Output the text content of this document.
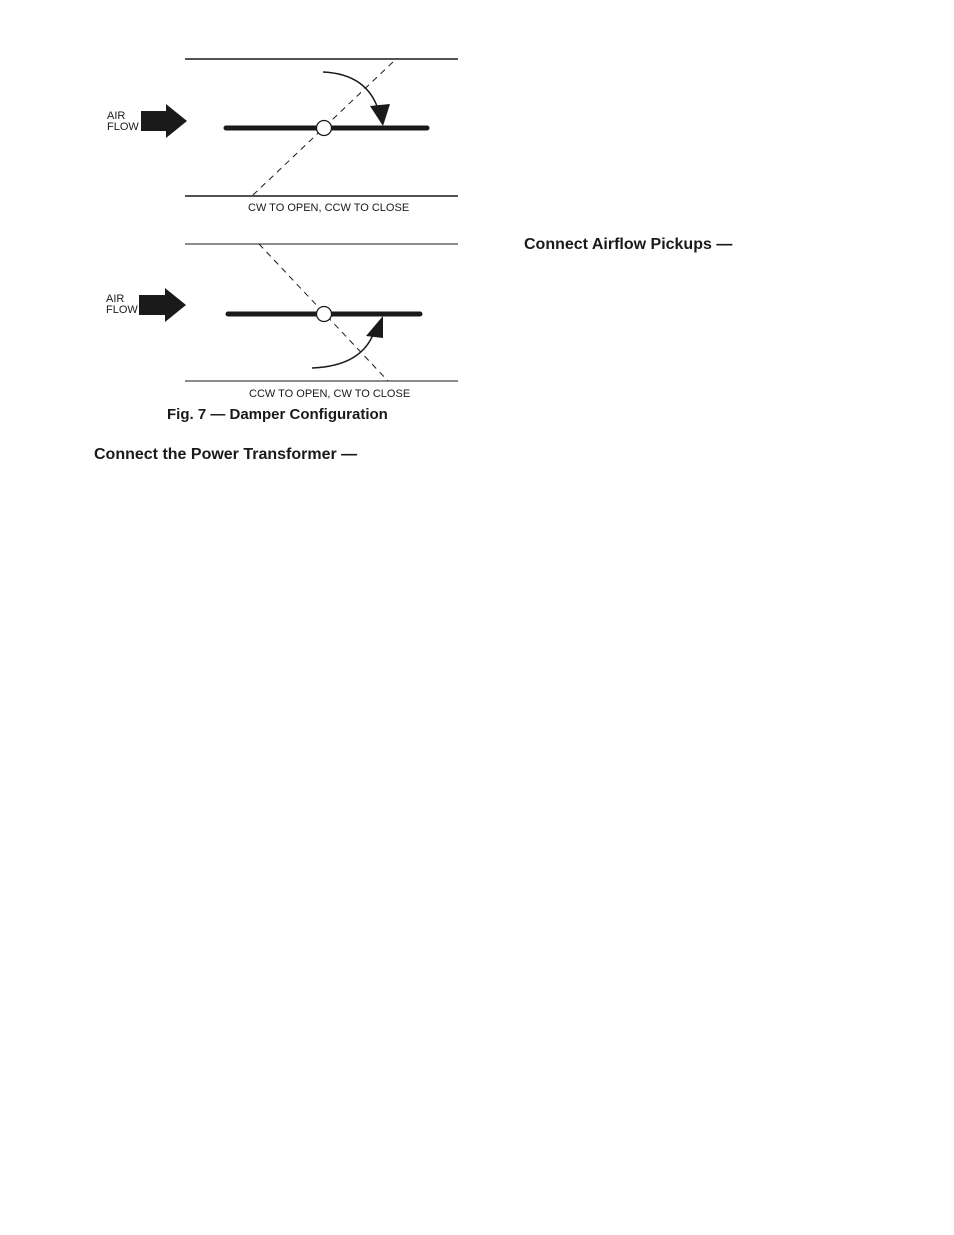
AIR
FLOW
CW TO OPEN, CCW TO CLOSE
AIR
FLOW
CCW TO OPEN, CW TO CLOSE
Fig. 7 — Damper Configuration
Connect the Power Transformer —
Connect Airflow Pickups —
